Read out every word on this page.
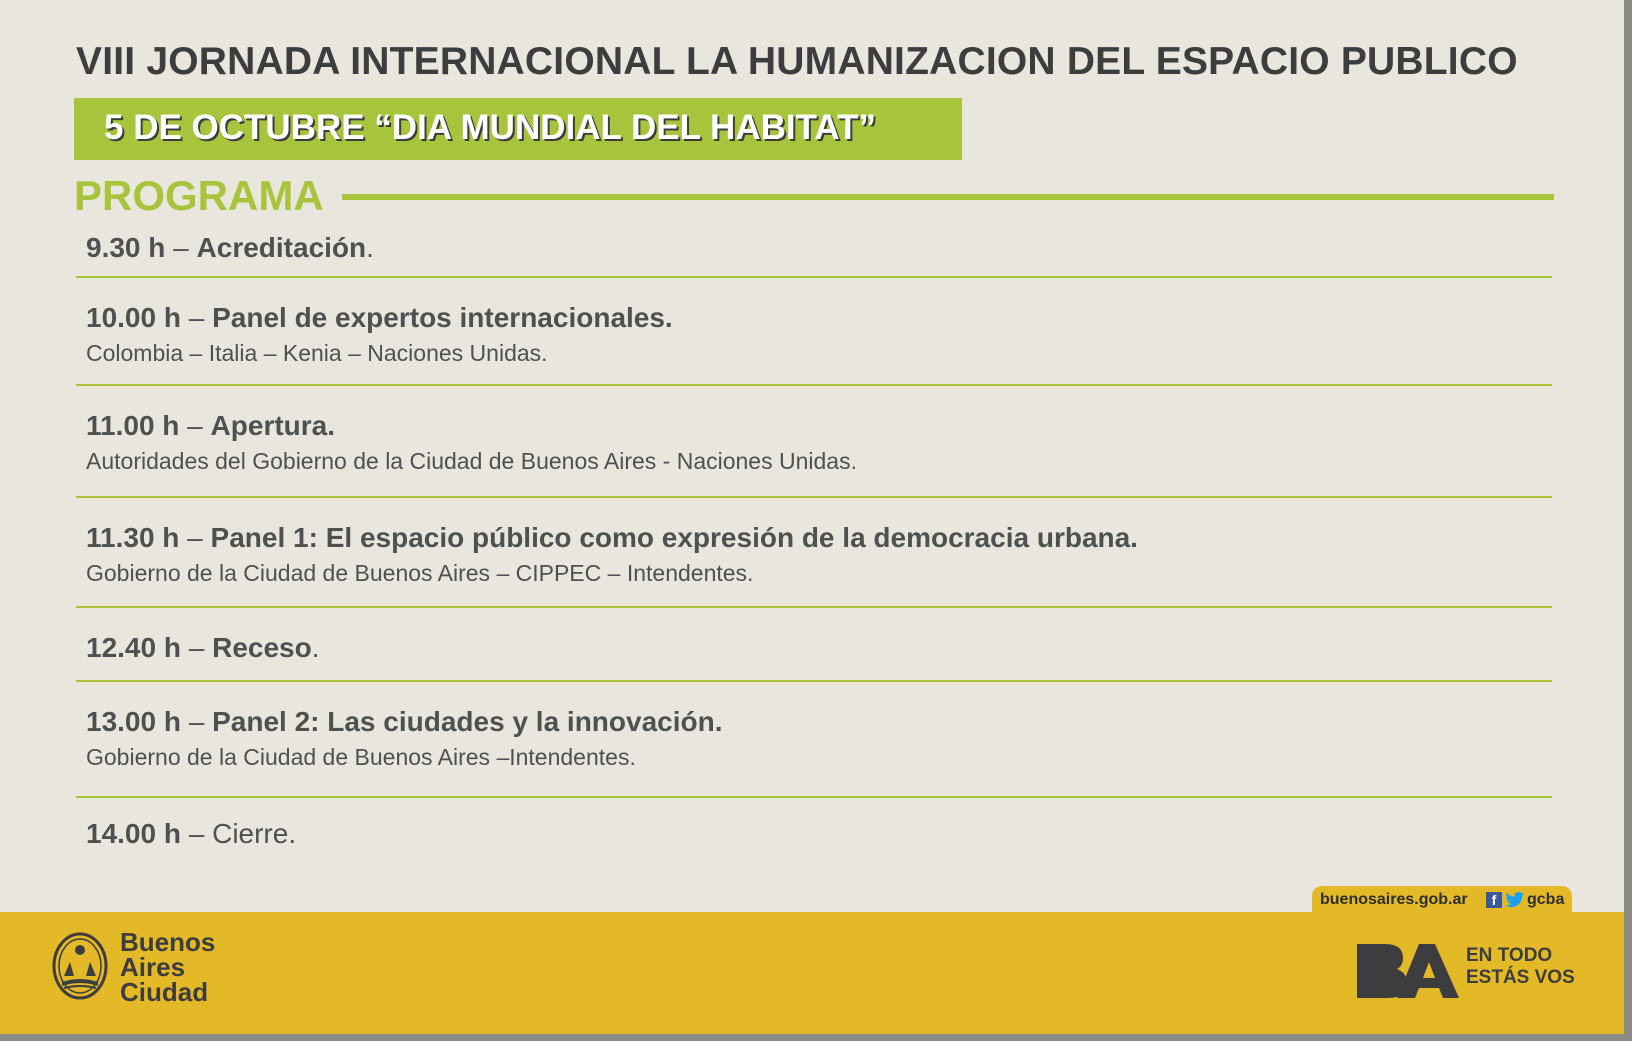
VIII JORNADA INTERNACIONAL LA HUMANIZACION DEL ESPACIO PUBLICO
5 DE OCTUBRE “DIA MUNDIAL DEL HABITAT”
PROGRAMA
9.30 h – Acreditación.
10.00 h – Panel de expertos internacionales.
Colombia – Italia – Kenia – Naciones Unidas.
11.00 h – Apertura.
Autoridades del Gobierno de la Ciudad de Buenos Aires - Naciones Unidas.
11.30 h – Panel 1: El espacio público como expresión de la democracia urbana.
Gobierno de la Ciudad de Buenos Aires – CIPPEC – Intendentes.
12.40 h – Receso.
13.00 h – Panel 2: Las ciudades y la innovación.
Gobierno de la Ciudad de Buenos Aires –Intendentes.
14.00 h – Cierre.
buenosaires.gob.ar	f	gcba
Buenos
Aires
Ciudad
EN TODO
ESTÁS VOS
